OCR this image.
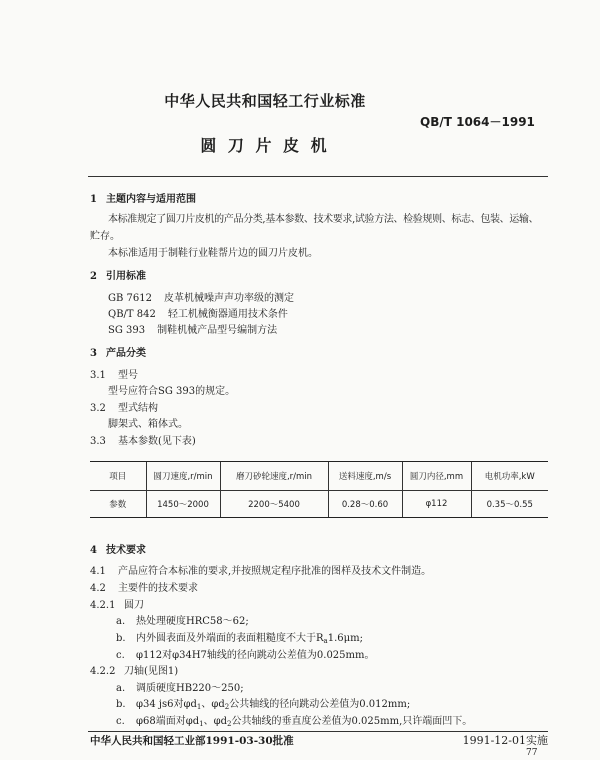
中华人民共和国轻工行业标准
QB/T 1064－1991
圆 刀 片 皮 机
1 主题内容与适用范围
本标准规定了圆刀片皮机的产品分类,基本参数、技术要求,试验方法、检验规则、标志、包装、运输、
贮存。
本标准适用于制鞋行业鞋帮片边的圆刀片皮机。
2 引用标准
GB 7612 皮革机械噪声声功率级的测定
QB/T 842 轻工机械衡器通用技术条件
SG 393 制鞋机械产品型号编制方法
3 产品分类
3.1 型号
型号应符合SG 393的规定。
3.2 型式结构
脚架式、箱体式。
3.3 基本参数(见下表)
项目	圆刀速度,r/min	磨刀砂轮速度,r/min	送料速度,m/s	圆刀内径,mm	电机功率,kW
参数	1450～2000	2200～5400	0.28～0.60	φ112	0.35～0.55
4 技术要求
4.1 产品应符合本标准的要求,并按照规定程序批准的图样及技术文件制造。
4.2 主要件的技术要求
4.2.1 圆刀
a. 热处理硬度HRC58～62;
b. 内外圆表面及外端面的表面粗糙度不大于$R_a1.6\mu m$;
c. φ112对φ34H7轴线的径向跳动公差值为0.025mm。
4.2.2 刀轴(见图1)
a. 调质硬度HB220～250;
b. φ34 js6对$\varphi d_1$、$\varphi d_2$公共轴线的径向跳动公差值为0.012mm;
c. φ68端面对$\varphi d_1$、$\varphi d_2$公共轴线的垂直度公差值为0.025mm,只许端面凹下。
中华人民共和国轻工业部1991-03-30批准	1991-12-01实施
77
